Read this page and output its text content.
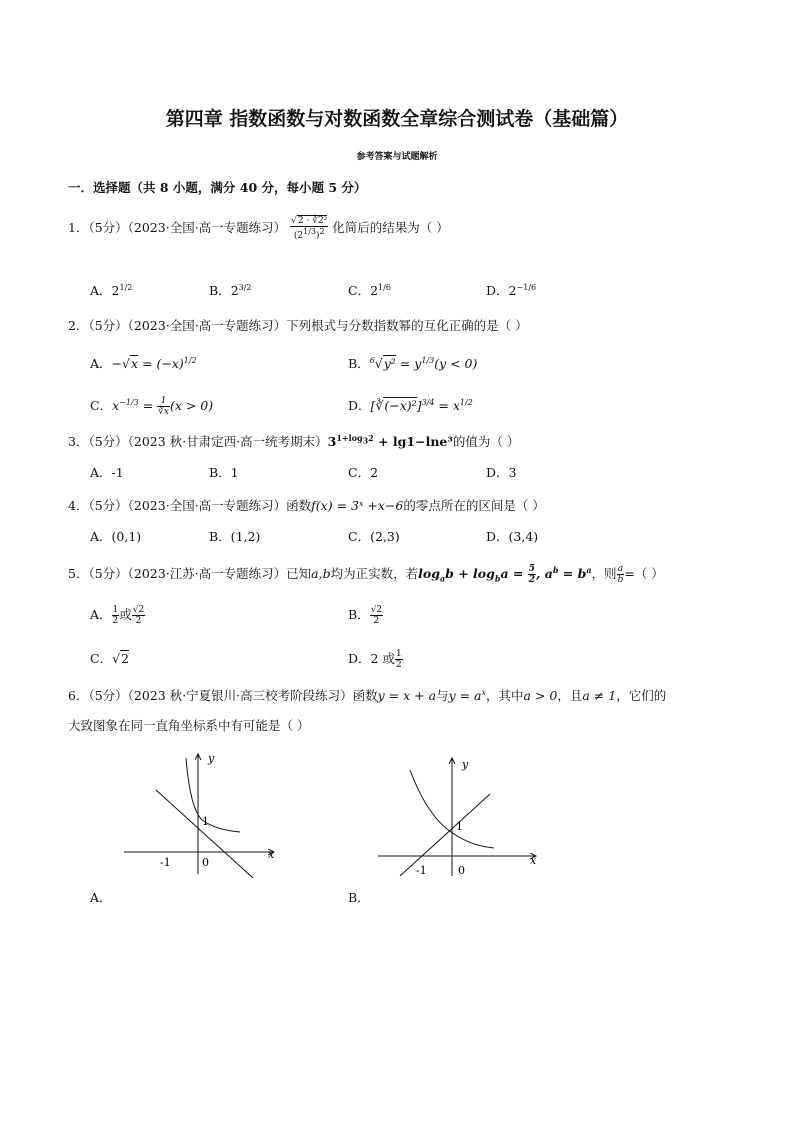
第四章 指数函数与对数函数全章综合测试卷（基础篇）
参考答案与试题解析
一．选择题（共 8 小题，满分 40 分，每小题 5 分）
1．（5分）（2023·全国·高一专题练习） $\frac{\text{√2 · ∛2²}}{(2^{1/3})^2}$ 化简后的结果为（ ）
A．$2^{1/2}$	B．$2^{3/2}$	C．$2^{1/6}$	D．$2^{-1/6}$
2．（5分）（2023·全国·高一专题练习）下列根式与分数指数幂的互化正确的是（ ）
A．$-√x = (-x)^{1/2}$	B．$^6√y^2 = y^{1/3}(y < 0)$
C．$x^{-1/3} = \frac{1}{∛x} (x > 0)$	D．[∛(−x)²]$^{3/4}$ = $x^{1/2}$
3．（5分）（2023 秋·甘肃定西·高一统考期末）$3^{1+log_32} + \lg 1-\ln e^3$的值为（ ）
A．-1	B．1	C．2	D．3
4．（5分）（2023·全国·高一专题练习）函数f(x) = 3ˣ +x−6的零点所在的区间是（ ）
A．(0,1)	B．(1,2)	C．(2,3)	D．(3,4)
5．（5分）（2023·江苏·高一专题练习）已知a,b均为正实数，若$\log_ab + \log_ba = \frac{5}{2}$ , $a^b = b^a$，则 $\frac{a}{b}$ =（ ）
A． $\frac{1}{2}$ 或 $\frac{√2}{2}$	B． $\frac{√2}{2}$
C．√2	D．2 或 $\frac{1}{2}$
6．（5分）（2023 秋·宁夏银川·高三校考阶段练习）函数y = x + a与$y = a^x$，其中a > 0，且a ≠ 1，它们的
大致图象在同一直角坐标系中有可能是（ ）
y
x
1
-1	0
A．
y
x
1
-1	0
B．
